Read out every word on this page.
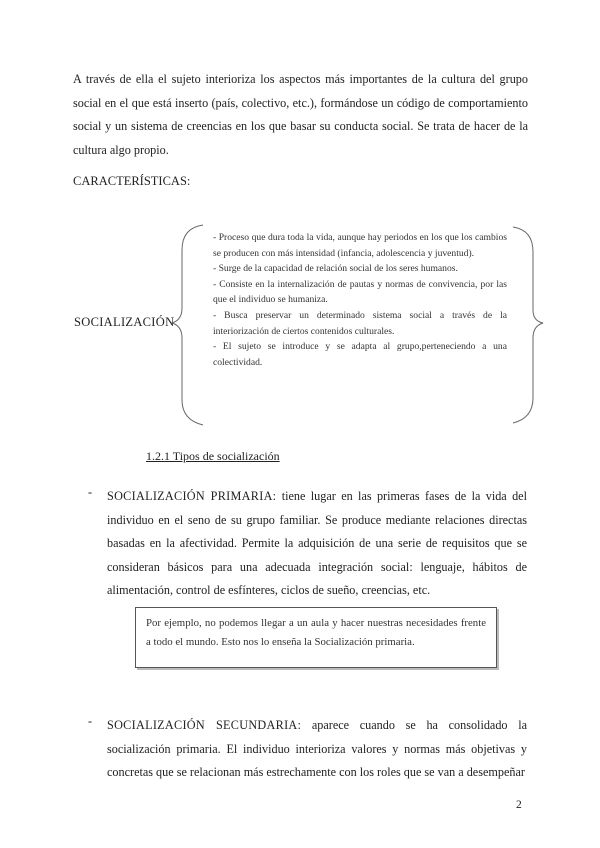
A través de ella el sujeto interioriza los aspectos más importantes de la cultura del grupo social en el que está inserto (país, colectivo, etc.), formándose un código de comportamiento social y un sistema de creencias en los que basar su conducta social. Se trata de hacer de la cultura algo propio.

CARACTERÍSTICAS:

SOCIALIZACIÓN
- Proceso que dura toda la vida, aunque hay periodos en los que los cambios se producen con más intensidad (infancia, adolescencia y juventud).
- Surge de la capacidad de relación social de los seres humanos.
- Consiste en la internalización de pautas y normas de convivencia, por las que el individuo se humaniza.
- Busca preservar un determinado sistema social a través de la interiorización de ciertos contenidos culturales.
- El sujeto se introduce y se adapta al grupo,perteneciendo a una colectividad.

1.2.1 Tipos de socialización

- SOCIALIZACIÓN PRIMARIA: tiene lugar en las primeras fases de la vida del individuo en el seno de su grupo familiar. Se produce mediante relaciones directas basadas en la afectividad. Permite la adquisición de una serie de requisitos que se consideran básicos para una adecuada integración social: lenguaje, hábitos de alimentación, control de esfínteres, ciclos de sueño, creencias, etc.

Por ejemplo, no podemos llegar a un aula y hacer nuestras necesidades frente a todo el mundo. Esto nos lo enseña la Socialización primaria.
- SOCIALIZACIÓN SECUNDARIA: aparece cuando se ha consolidado la socialización primaria. El individuo interioriza valores y normas más objetivas y concretas que se relacionan más estrechamente con los roles que se van a desempeñar

2
